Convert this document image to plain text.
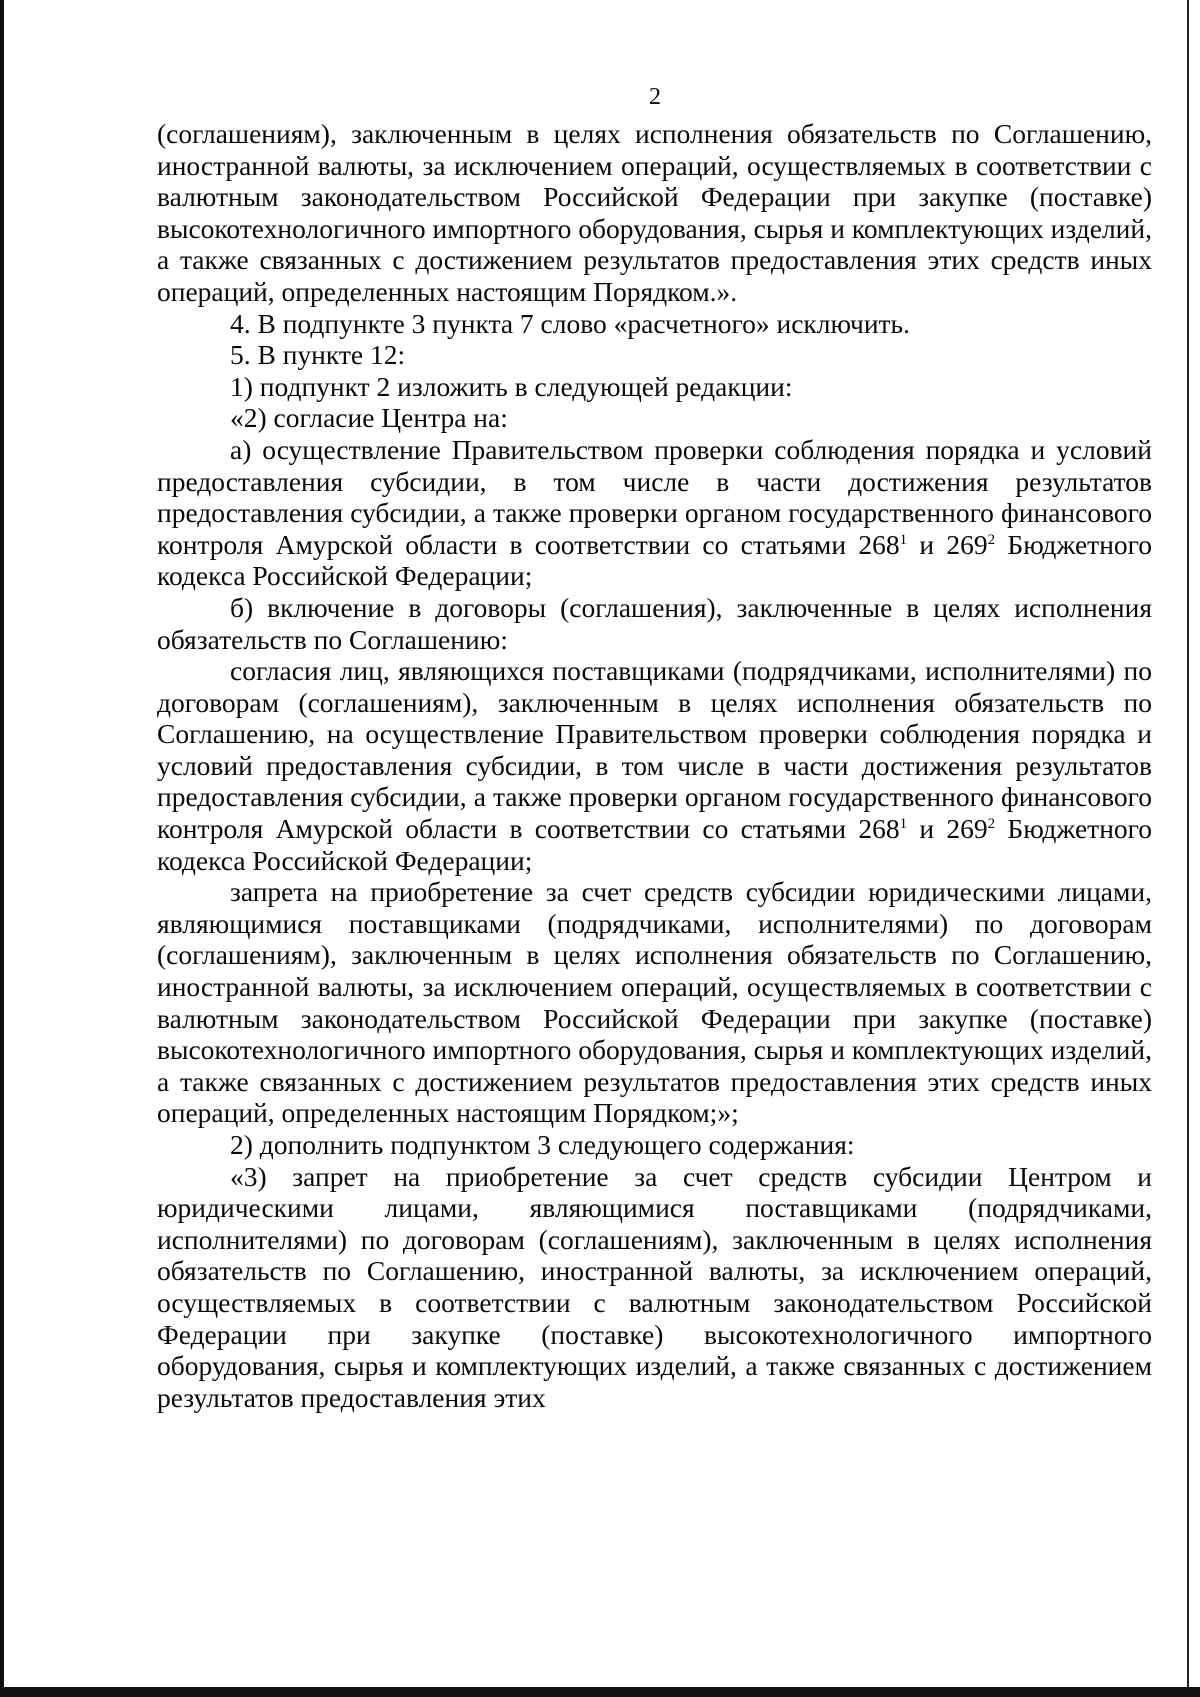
2

(соглашениям), заключенным в целях исполнения обязательств по Соглашению, иностранной валюты, за исключением операций, осуществляемых в соответствии с валютным законодательством Российской Федерации при закупке (поставке) высокотехнологичного импортного оборудования, сырья и комплектующих изделий, а также связанных с достижением результатов предоставления этих средств иных операций, определенных настоящим Порядком.».

4. В подпункте 3 пункта 7 слово «расчетного» исключить.

5. В пункте 12:

1) подпункт 2 изложить в следующей редакции:

«2) согласие Центра на:

а) осуществление Правительством проверки соблюдения порядка и условий предоставления субсидии, в том числе в части достижения результатов предоставления субсидии, а также проверки органом государственного финансового контроля Амурской области в соответствии со статьями $268^1$ и $269^2$ Бюджетного кодекса Российской Федерации;

б) включение в договоры (соглашения), заключенные в целях исполнения обязательств по Соглашению:

согласия лиц, являющихся поставщиками (подрядчиками, исполнителями) по договорам (соглашениям), заключенным в целях исполнения обязательств по Соглашению, на осуществление Правительством проверки соблюдения порядка и условий предоставления субсидии, в том числе в части достижения результатов предоставления субсидии, а также проверки органом государственного финансового контроля Амурской области в соответствии со статьями $268^1$ и $269^2$ Бюджетного кодекса Российской Федерации;

запрета на приобретение за счет средств субсидии юридическими лицами, являющимися поставщиками (подрядчиками, исполнителями) по договорам (соглашениям), заключенным в целях исполнения обязательств по Соглашению, иностранной валюты, за исключением операций, осуществляемых в соответствии с валютным законодательством Российской Федерации при закупке (поставке) высокотехнологичного импортного оборудования, сырья и комплектующих изделий, а также связанных с достижением результатов предоставления этих средств иных операций, определенных настоящим Порядком;»;

2) дополнить подпунктом 3 следующего содержания:

«3) запрет на приобретение за счет средств субсидии Центром и юридическими лицами, являющимися поставщиками (подрядчиками, исполнителями) по договорам (соглашениям), заключенным в целях исполнения обязательств по Соглашению, иностранной валюты, за исключением операций, осуществляемых в соответствии с валютным законодательством Российской Федерации при закупке (поставке) высокотехнологичного импортного оборудования, сырья и комплектующих изделий, а также связанных с достижением результатов предоставления этих
